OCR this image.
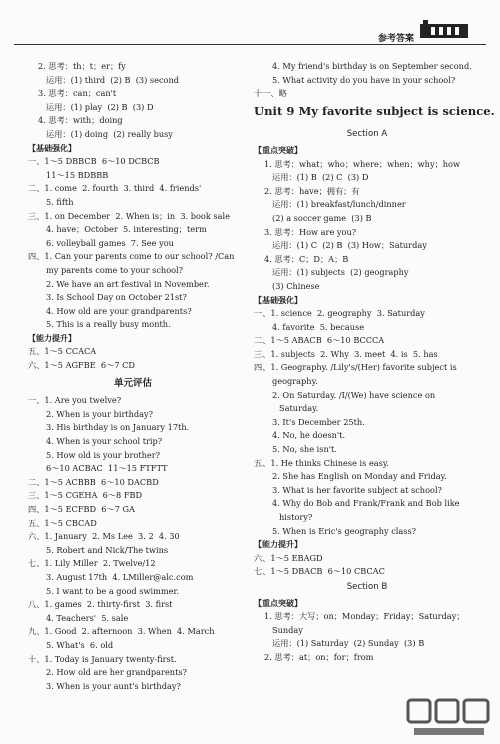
参考答案
2. 思考：th；t；er；fy
运用：(1) third  (2) B  (3) second
3. 思考：can；can't
运用：(1) play  (2) B  (3) D
4. 思考：with；doing
运用：(1) doing  (2) really busy
【基础强化】
一、1～5 DBBCB  6～10 DCBCB
11～15 BDBBB
二、1. come  2. fourth  3. third  4. friends'
5. fifth
三、1. on December  2. When is；in  3. book sale
4. have；October  5. interesting；term
6. volleyball games  7. See you
四、1. Can your parents come to our school? /Can
my parents come to your school?
2. We have an art festival in November.
3. Is School Day on October 21st?
4. How old are your grandparents?
5. This is a really busy month.
【能力提升】
五、1～5 CCACA
六、1～5 AGFBE  6～7 CD
单元评估
一、1. Are you twelve?
2. When is your birthday?
3. His birthday is on January 17th.
4. When is your school trip?
5. How old is your brother?
6～10 ACBAC  11～15 FTFTT
二、1～5 ACBBB  6～10 DACBD
三、1～5 CGEHA  6～8 FBD
四、1～5 ECFBD  6～7 GA
五、1～5 CBCAD
六、1. January  2. Ms Lee  3. 2  4. 30
5. Robert and Nick/The twins
七、1. Lily Miller  2. Twelve/12
3. August 17th  4. LMiller@alc.com
5. I want to be a good swimmer.
八、1. games  2. thirty-first  3. first
4. Teachers'  5. sale
九、1. Good  2. afternoon  3. When  4. March
5. What's  6. old
十、1. Today is January twenty-first.
2. How old are her grandparents?
3. When is your aunt's birthday?
4. My friend's birthday is on September second.
5. What activity do you have in your school?
十一、略
Unit 9 My favorite subject is science.
Section A
【重点突破】
1. 思考：what；who；where；when；why；how
运用：(1) B  (2) C  (3) D
2. 思考：have；拥有；有
运用：(1) breakfast/lunch/dinner
(2) a soccer game  (3) B
3. 思考：How are you?
运用：(1) C  (2) B  (3) How；Saturday
4. 思考：C；D；A；B
运用：(1) subjects  (2) geography
(3) Chinese
【基础强化】
一、1. science  2. geography  3. Saturday
4. favorite  5. because
二、1～5 ABACB  6～10 BCCCA
三、1. subjects  2. Why  3. meet  4. is  5. has
四、1. Geography. /Lily's/(Her) favorite subject is
geography.
2. On Saturday. /I/(We) have science on
Saturday.
3. It's December 25th.
4. No, he doesn't.
5. No, she isn't.
五、1. He thinks Chinese is easy.
2. She has English on Monday and Friday.
3. What is her favorite subject at school?
4. Why do Bob and Frank/Frank and Bob like
history?
5. When is Eric's geography class?
【能力提升】
六、1～5 EBAGD
七、1～5 DBACB  6～10 CBCAC
Section B
【重点突破】
1. 思考：大写；on；Monday；Friday；Saturday；
Sunday
运用：(1) Saturday  (2) Sunday  (3) B
2. 思考：at；on；for；from
